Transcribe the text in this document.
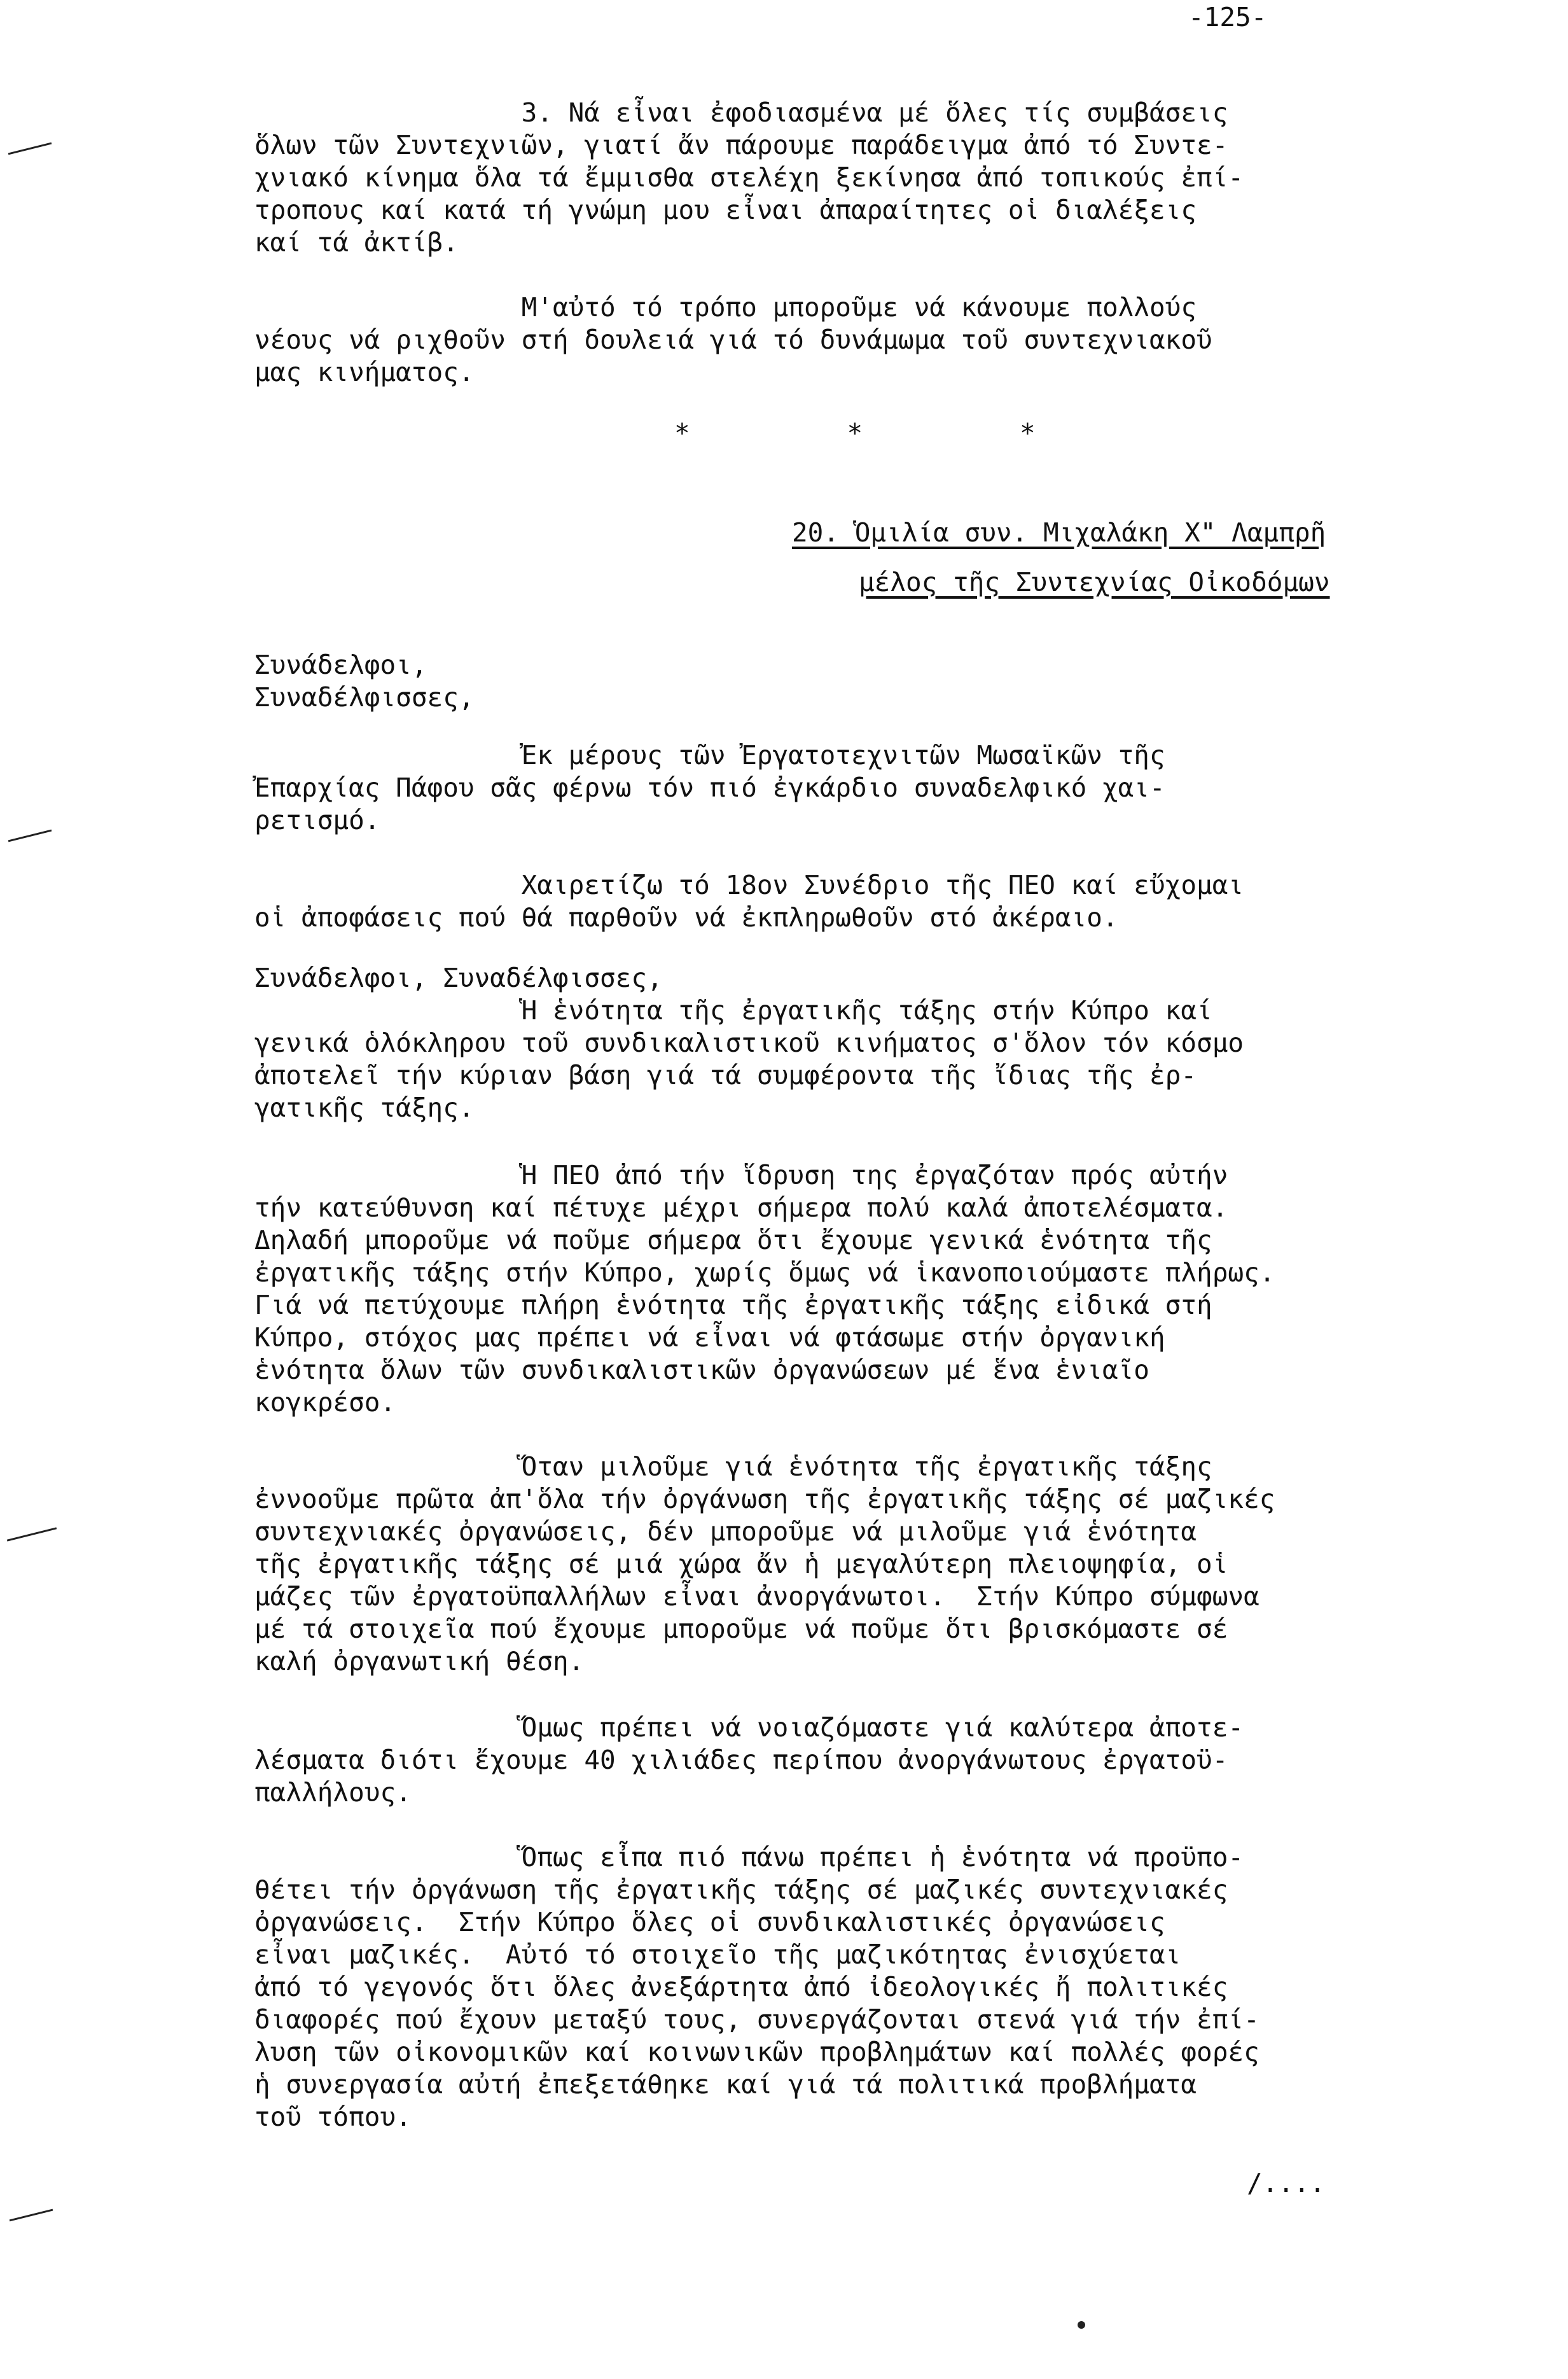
-125-
3. Νά εἶναι ἐφοδιασμένα μέ ὅλες τίς συμβάσεις
ὅλων τῶν Συντεχνιῶν, γιατί ἄν πάρουμε παράδειγμα ἀπό τό Συντε-
χνιακό κίνημα ὅλα τά ἔμμισθα στελέχη ξεκίνησα ἀπό τοπικούς ἐπί-
τροπους καί κατά τή γνώμη μου εἶναι ἀπαραίτητες οἱ διαλέξεις
καί τά ἀκτίβ.
Μ'αὐτό τό τρόπο μποροῦμε νά κάνουμε πολλούς
νέους νά ριχθοῦν στή δουλειά γιά τό δυνάμωμα τοῦ συντεχνιακοῦ
μας κινήματος.
*          *          *
20. Ὁμιλία συν. Μιχαλάκη Χ" Λαμπρῆ
μέλος τῆς Συντεχνίας Οἰκοδόμων
Συνάδελφοι,
Συναδέλφισσες,
Ἐκ μέρους τῶν Ἐργατοτεχνιτῶν Μωσαϊκῶν τῆς
Ἐπαρχίας Πάφου σᾶς φέρνω τόν πιό ἐγκάρδιο συναδελφικό χαι-
ρετισμό.
Χαιρετίζω τό 18ον Συνέδριο τῆς ΠΕΟ καί εὔχομαι
οἱ ἀποφάσεις πού θά παρθοῦν νά ἐκπληρωθοῦν στό ἀκέραιο.
Συνάδελφοι, Συναδέλφισσες,
Ἡ ἑνότητα τῆς ἐργατικῆς τάξης στήν Κύπρο καί
γενικά ὁλόκληρου τοῦ συνδικαλιστικοῦ κινήματος σ'ὅλον τόν κόσμο
ἀποτελεῖ τήν κύριαν βάση γιά τά συμφέροντα τῆς ἴδιας τῆς ἐρ-
γατικῆς τάξης.
Ἡ ΠΕΟ ἀπό τήν ἵδρυση της ἐργαζόταν πρός αὐτήν
τήν κατεύθυνση καί πέτυχε μέχρι σήμερα πολύ καλά ἀποτελέσματα.
Δηλαδή μποροῦμε νά ποῦμε σήμερα ὅτι ἔχουμε γενικά ἑνότητα τῆς
ἐργατικῆς τάξης στήν Κύπρο, χωρίς ὅμως νά ἱκανοποιούμαστε πλήρως.
Γιά νά πετύχουμε πλήρη ἑνότητα τῆς ἐργατικῆς τάξης εἰδικά στή
Κύπρο, στόχος μας πρέπει νά εἶναι νά φτάσωμε στήν ὀργανική
ἑνότητα ὅλων τῶν συνδικαλιστικῶν ὀργανώσεων μέ ἕνα ἑνιαῖο
κογκρέσο.
Ὅταν μιλοῦμε γιά ἑνότητα τῆς ἐργατικῆς τάξης
ἐννοοῦμε πρῶτα ἀπ'ὅλα τήν ὀργάνωση τῆς ἐργατικῆς τάξης σέ μαζικές
συντεχνιακές ὀργανώσεις, δέν μποροῦμε νά μιλοῦμε γιά ἑνότητα
τῆς ἐργατικῆς τάξης σέ μιά χώρα ἄν ἡ μεγαλύτερη πλειοψηφία, οἱ
μάζες τῶν ἐργατοϋπαλλήλων εἶναι ἀνοργάνωτοι.  Στήν Κύπρο σύμφωνα
μέ τά στοιχεῖα πού ἔχουμε μποροῦμε νά ποῦμε ὅτι βρισκόμαστε σέ
καλή ὀργανωτική θέση.
Ὅμως πρέπει νά νοιαζόμαστε γιά καλύτερα ἀποτε-
λέσματα διότι ἔχουμε 40 χιλιάδες περίπου ἀνοργάνωτους ἐργατοϋ-
παλλήλους.
Ὅπως εἶπα πιό πάνω πρέπει ἡ ἑνότητα νά προϋπο-
θέτει τήν ὀργάνωση τῆς ἐργατικῆς τάξης σέ μαζικές συντεχνιακές
ὀργανώσεις.  Στήν Κύπρο ὅλες οἱ συνδικαλιστικές ὀργανώσεις
εἶναι μαζικές.  Αὐτό τό στοιχεῖο τῆς μαζικότητας ἐνισχύεται
ἀπό τό γεγονός ὅτι ὅλες ἀνεξάρτητα ἀπό ἰδεολογικές ἤ πολιτικές
διαφορές πού ἔχουν μεταξύ τους, συνεργάζονται στενά γιά τήν ἐπί-
λυση τῶν οἰκονομικῶν καί κοινωνικῶν προβλημάτων καί πολλές φορές
ἡ συνεργασία αὐτή ἐπεξετάθηκε καί γιά τά πολιτικά προβλήματα
τοῦ τόπου.
/....
